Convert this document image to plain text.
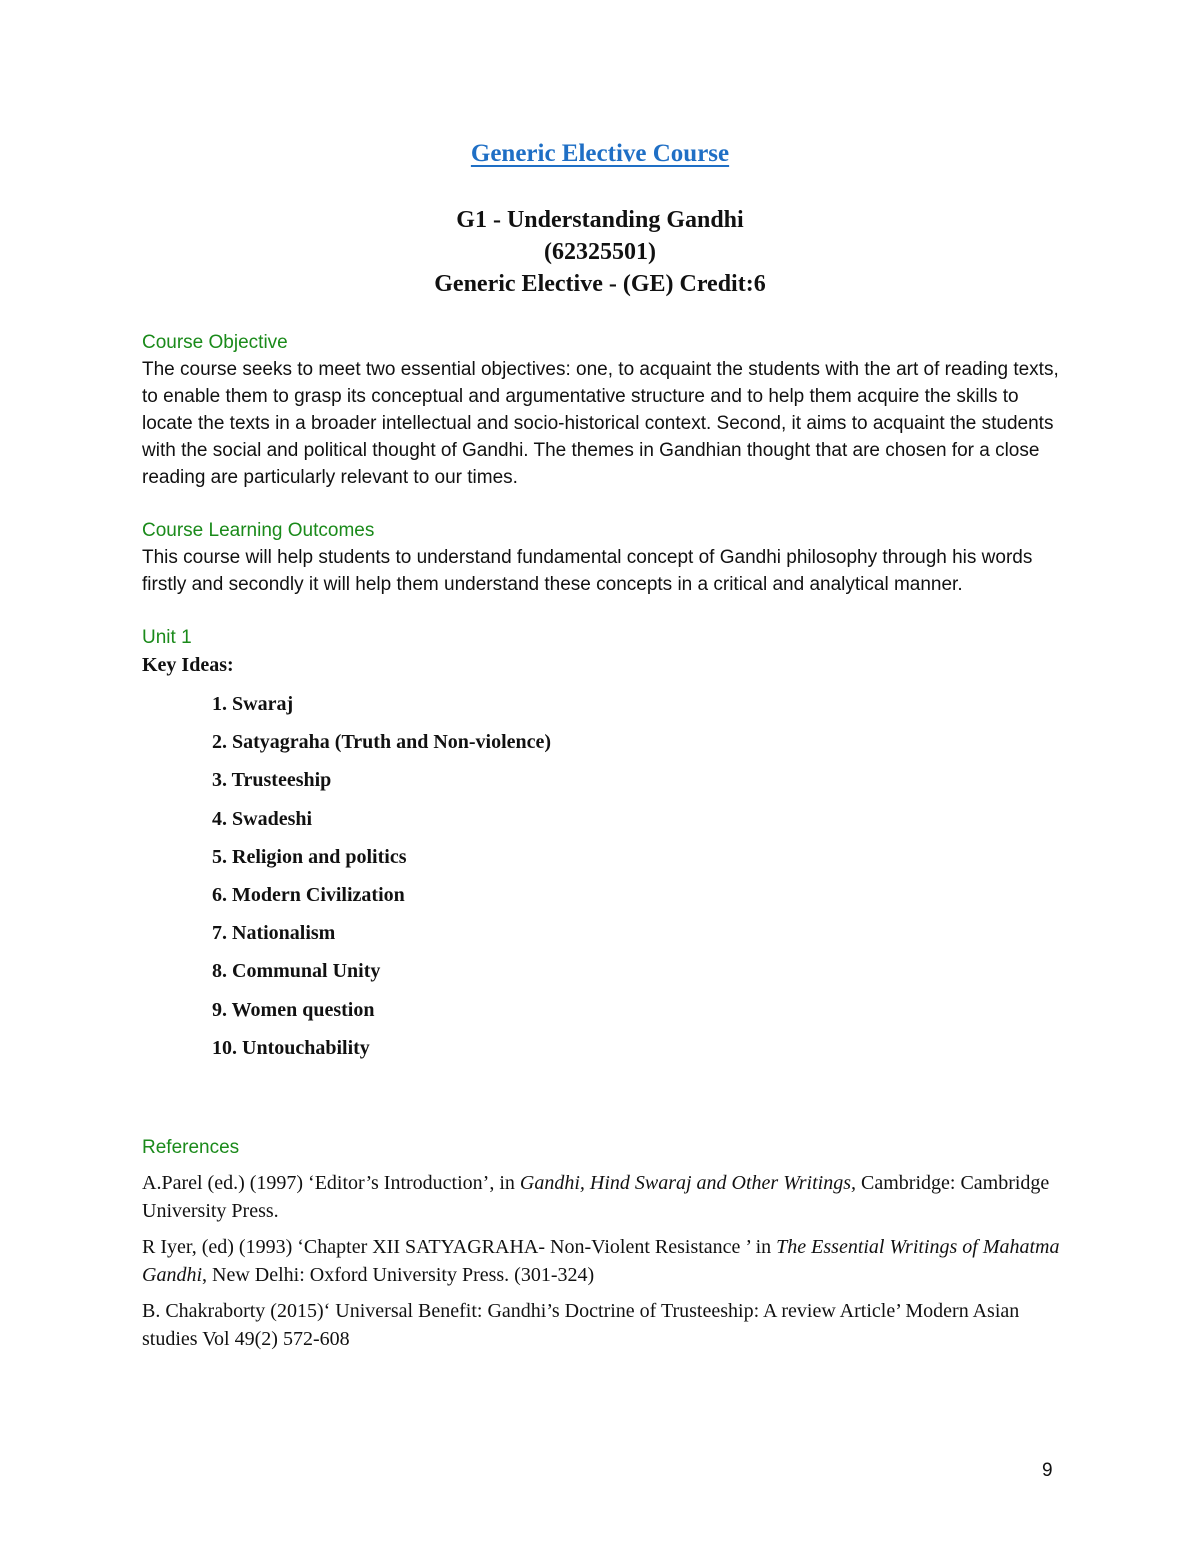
Generic Elective Course
G1 - Understanding Gandhi
(62325501)
Generic Elective - (GE) Credit:6
Course Objective

The course seeks to meet two essential objectives: one, to acquaint the students with the art of reading texts, to enable them to grasp its conceptual and argumentative structure and to help them acquire the skills to locate the texts in a broader intellectual and socio-historical context. Second, it aims to acquaint the students with the social and political thought of Gandhi. The themes in Gandhian thought that are chosen for a close reading are particularly relevant to our times.

Course Learning Outcomes

This course will help students to understand fundamental concept of Gandhi philosophy through his words firstly and secondly it will help them understand these concepts in a critical and analytical manner.

Unit 1
Key Ideas:
1. Swaraj
2. Satyagraha (Truth and Non-violence)
3. Trusteeship
4. Swadeshi
5. Religion and politics
6. Modern Civilization
7. Nationalism
8. Communal Unity
9. Women question
10. Untouchability
References

A.Parel (ed.) (1997) ‘Editor’s Introduction’, in Gandhi, Hind Swaraj and Other Writings, Cambridge: Cambridge University Press.

R Iyer, (ed) (1993) ‘Chapter XII SATYAGRAHA- Non-Violent Resistance ’ in The Essential Writings of Mahatma Gandhi, New Delhi: Oxford University Press. (301-324)

B. Chakraborty (2015)‘ Universal Benefit: Gandhi’s Doctrine of Trusteeship: A review Article’ Modern Asian studies Vol 49(2) 572-608

9
